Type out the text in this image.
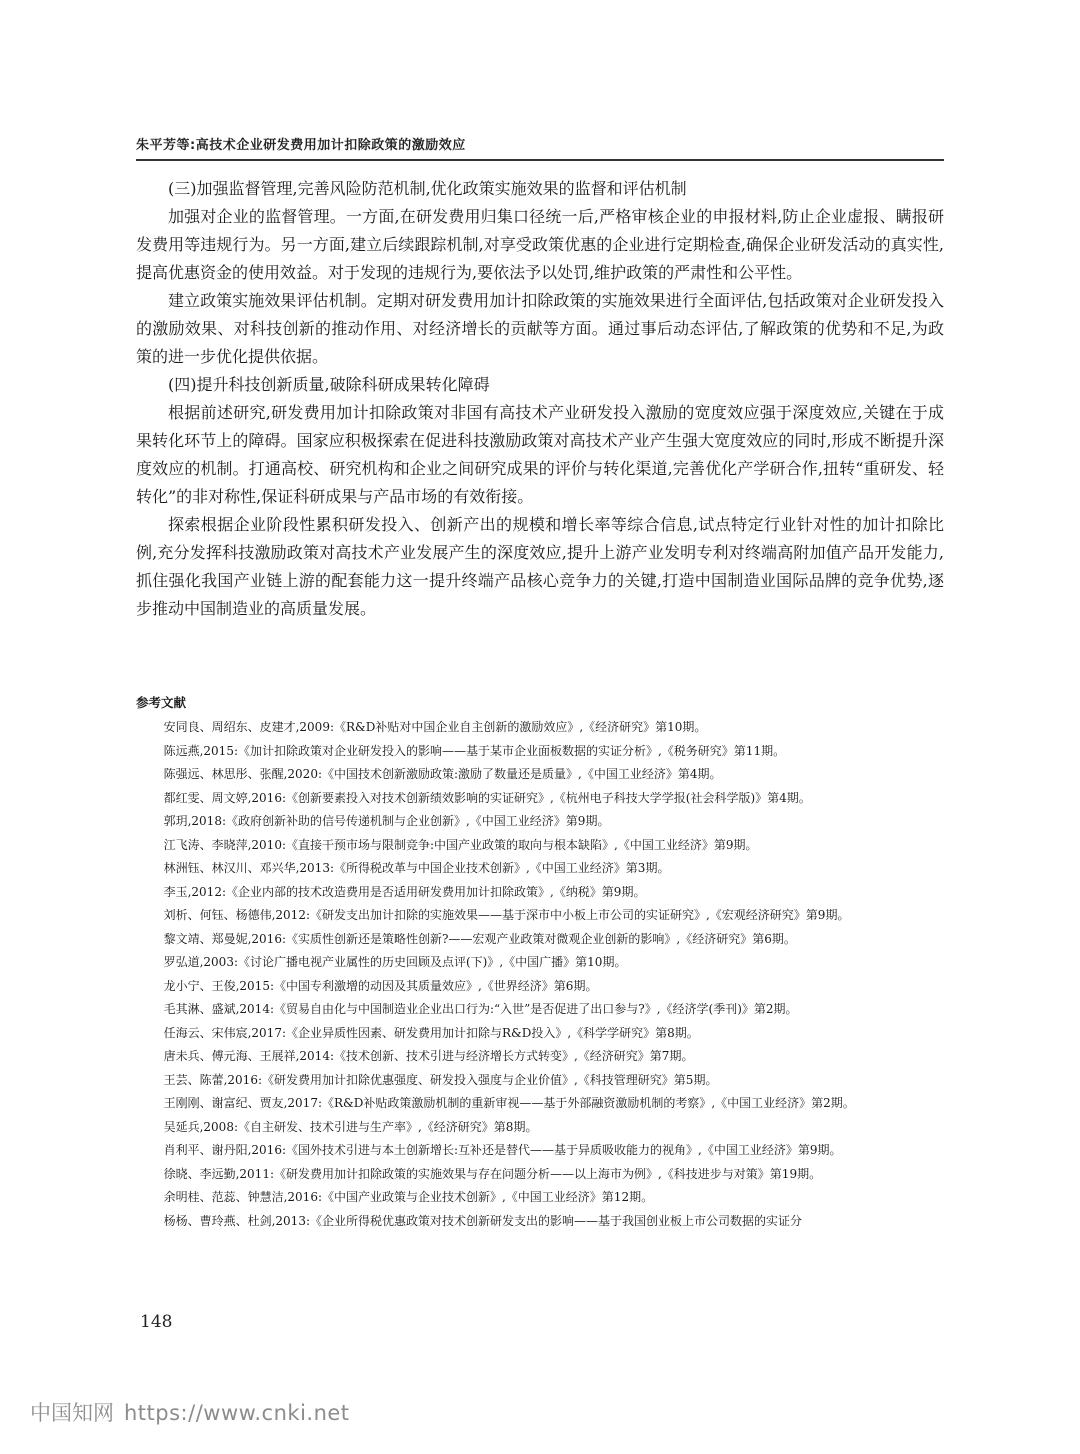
朱平芳等:高技术企业研发费用加计扣除政策的激励效应

(三)加强监督管理,完善风险防范机制,优化政策实施效果的监督和评估机制

加强对企业的监督管理。一方面,在研发费用归集口径统一后,严格审核企业的申报材料,防止企业虚报、瞒报研发费用等违规行为。另一方面,建立后续跟踪机制,对享受政策优惠的企业进行定期检查,确保企业研发活动的真实性,提高优惠资金的使用效益。对于发现的违规行为,要依法予以处罚,维护政策的严肃性和公平性。

建立政策实施效果评估机制。定期对研发费用加计扣除政策的实施效果进行全面评估,包括政策对企业研发投入的激励效果、对科技创新的推动作用、对经济增长的贡献等方面。通过事后动态评估,了解政策的优势和不足,为政策的进一步优化提供依据。

(四)提升科技创新质量,破除科研成果转化障碍

根据前述研究,研发费用加计扣除政策对非国有高技术产业研发投入激励的宽度效应强于深度效应,关键在于成果转化环节上的障碍。国家应积极探索在促进科技激励政策对高技术产业产生强大宽度效应的同时,形成不断提升深度效应的机制。打通高校、研究机构和企业之间研究成果的评价与转化渠道,完善优化产学研合作,扭转“重研发、轻转化”的非对称性,保证科研成果与产品市场的有效衔接。

探索根据企业阶段性累积研发投入、创新产出的规模和增长率等综合信息,试点特定行业针对性的加计扣除比例,充分发挥科技激励政策对高技术产业发展产生的深度效应,提升上游产业发明专利对终端高附加值产品开发能力,抓住强化我国产业链上游的配套能力这一提升终端产品核心竞争力的关键,打造中国制造业国际品牌的竞争优势,逐步推动中国制造业的高质量发展。

参考文献

安同良、周绍东、皮建才,2009:《R&D补贴对中国企业自主创新的激励效应》,《经济研究》第10期。

陈远燕,2015:《加计扣除政策对企业研发投入的影响——基于某市企业面板数据的实证分析》,《税务研究》第11期。

陈强远、林思彤、张醒,2020:《中国技术创新激励政策:激励了数量还是质量》,《中国工业经济》第4期。

都红雯、周文婷,2016:《创新要素投入对技术创新绩效影响的实证研究》,《杭州电子科技大学学报(社会科学版)》第4期。

郭玥,2018:《政府创新补助的信号传递机制与企业创新》,《中国工业经济》第9期。

江飞涛、李晓萍,2010:《直接干预市场与限制竞争:中国产业政策的取向与根本缺陷》,《中国工业经济》第9期。

林洲钰、林汉川、邓兴华,2013:《所得税改革与中国企业技术创新》,《中国工业经济》第3期。

李玉,2012:《企业内部的技术改造费用是否适用研发费用加计扣除政策》,《纳税》第9期。

刘析、何钰、杨德伟,2012:《研发支出加计扣除的实施效果——基于深市中小板上市公司的实证研究》,《宏观经济研究》第9期。

黎文靖、郑曼妮,2016:《实质性创新还是策略性创新?——宏观产业政策对微观企业创新的影响》,《经济研究》第6期。

罗弘道,2003:《讨论广播电视产业属性的历史回顾及点评(下)》,《中国广播》第10期。

龙小宁、王俊,2015:《中国专利激增的动因及其质量效应》,《世界经济》第6期。

毛其淋、盛斌,2014:《贸易自由化与中国制造业企业出口行为:“入世”是否促进了出口参与?》,《经济学(季刊)》第2期。

任海云、宋伟宸,2017:《企业异质性因素、研发费用加计扣除与R&D投入》,《科学学研究》第8期。

唐未兵、傅元海、王展祥,2014:《技术创新、技术引进与经济增长方式转变》,《经济研究》第7期。

王芸、陈蕾,2016:《研发费用加计扣除优惠强度、研发投入强度与企业价值》,《科技管理研究》第5期。

王刚刚、谢富纪、贾友,2017:《R&D补贴政策激励机制的重新审视——基于外部融资激励机制的考察》,《中国工业经济》第2期。

吴延兵,2008:《自主研发、技术引进与生产率》,《经济研究》第8期。

肖利平、谢丹阳,2016:《国外技术引进与本土创新增长:互补还是替代——基于异质吸收能力的视角》,《中国工业经济》第9期。

徐晓、李远勤,2011:《研发费用加计扣除政策的实施效果与存在问题分析——以上海市为例》,《科技进步与对策》第19期。

余明桂、范蕊、钟慧洁,2016:《中国产业政策与企业技术创新》,《中国工业经济》第12期。

杨杨、曹玲燕、杜剑,2013:《企业所得税优惠政策对技术创新研发支出的影响——基于我国创业板上市公司数据的实证分

148
中国知网 https://www.cnki.net
